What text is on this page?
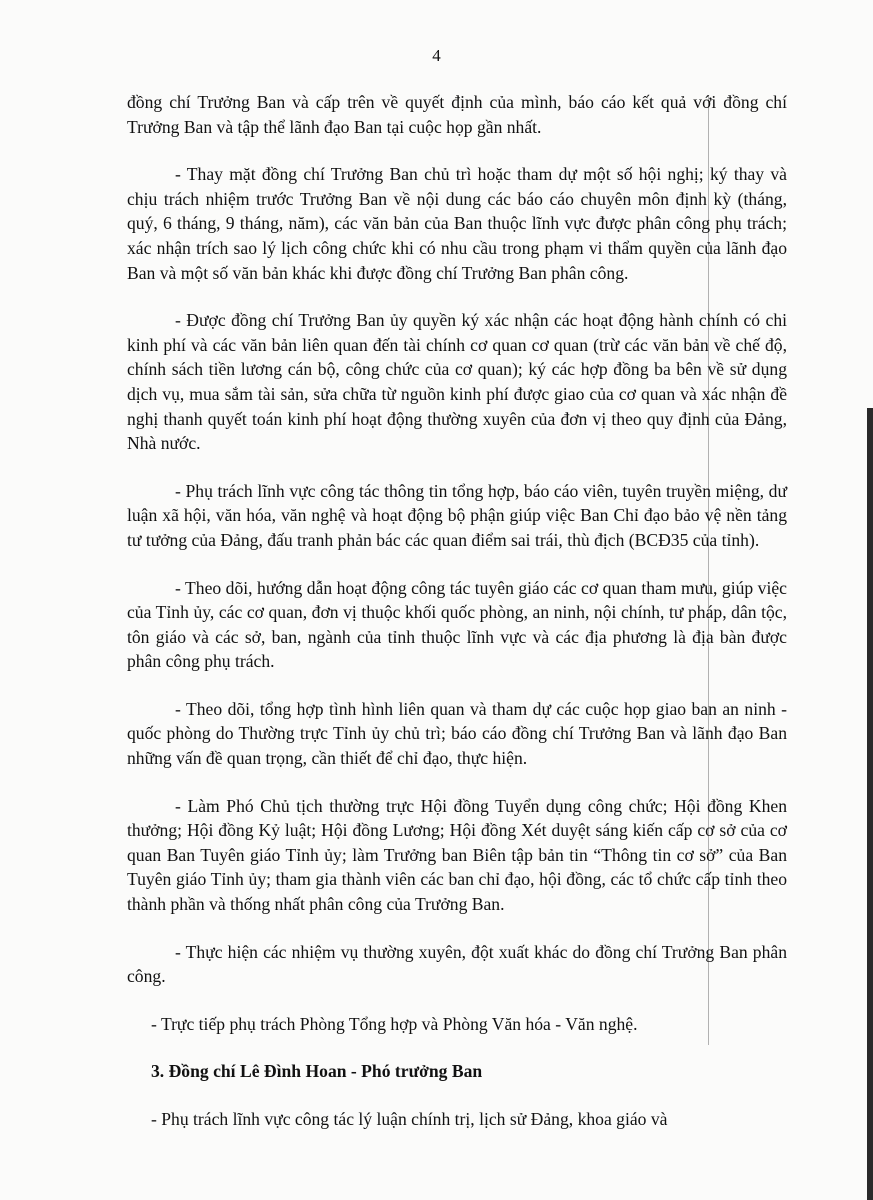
4

đồng chí Trưởng Ban và cấp trên về quyết định của mình, báo cáo kết quả với đồng chí Trưởng Ban và tập thể lãnh đạo Ban tại cuộc họp gần nhất.

- Thay mặt đồng chí Trưởng Ban chủ trì hoặc tham dự một số hội nghị; ký thay và chịu trách nhiệm trước Trưởng Ban về nội dung các báo cáo chuyên môn định kỳ (tháng, quý, 6 tháng, 9 tháng, năm), các văn bản của Ban thuộc lĩnh vực được phân công phụ trách; xác nhận trích sao lý lịch công chức khi có nhu cầu trong phạm vi thẩm quyền của lãnh đạo Ban và một số văn bản khác khi được đồng chí Trưởng Ban phân công.

- Được đồng chí Trưởng Ban ủy quyền ký xác nhận các hoạt động hành chính có chi kinh phí và các văn bản liên quan đến tài chính cơ quan cơ quan (trừ các văn bản về chế độ, chính sách tiền lương cán bộ, công chức của cơ quan); ký các hợp đồng ba bên về sử dụng dịch vụ, mua sắm tài sản, sửa chữa từ nguồn kinh phí được giao của cơ quan và xác nhận đề nghị thanh quyết toán kinh phí hoạt động thường xuyên của đơn vị theo quy định của Đảng, Nhà nước.

- Phụ trách lĩnh vực công tác thông tin tổng hợp, báo cáo viên, tuyên truyền miệng, dư luận xã hội, văn hóa, văn nghệ và hoạt động bộ phận giúp việc Ban Chỉ đạo bảo vệ nền tảng tư tưởng của Đảng, đấu tranh phản bác các quan điểm sai trái, thù địch (BCĐ35 của tỉnh).

- Theo dõi, hướng dẫn hoạt động công tác tuyên giáo các cơ quan tham mưu, giúp việc của Tỉnh ủy, các cơ quan, đơn vị thuộc khối quốc phòng, an ninh, nội chính, tư pháp, dân tộc, tôn giáo và các sở, ban, ngành của tỉnh thuộc lĩnh vực và các địa phương là địa bàn được phân công phụ trách.

- Theo dõi, tổng hợp tình hình liên quan và tham dự các cuộc họp giao ban an ninh - quốc phòng do Thường trực Tỉnh ủy chủ trì; báo cáo đồng chí Trưởng Ban và lãnh đạo Ban những vấn đề quan trọng, cần thiết để chỉ đạo, thực hiện.

- Làm Phó Chủ tịch thường trực Hội đồng Tuyển dụng công chức; Hội đồng Khen thưởng; Hội đồng Kỷ luật; Hội đồng Lương; Hội đồng Xét duyệt sáng kiến cấp cơ sở của cơ quan Ban Tuyên giáo Tỉnh ủy; làm Trưởng ban Biên tập bản tin “Thông tin cơ sở” của Ban Tuyên giáo Tỉnh ủy; tham gia thành viên các ban chỉ đạo, hội đồng, các tổ chức cấp tỉnh theo thành phần và thống nhất phân công của Trưởng Ban.

- Thực hiện các nhiệm vụ thường xuyên, đột xuất khác do đồng chí Trưởng Ban phân công.

- Trực tiếp phụ trách Phòng Tổng hợp và Phòng Văn hóa - Văn nghệ.

3. Đồng chí Lê Đình Hoan - Phó trưởng Ban

- Phụ trách lĩnh vực công tác lý luận chính trị, lịch sử Đảng, khoa giáo và
